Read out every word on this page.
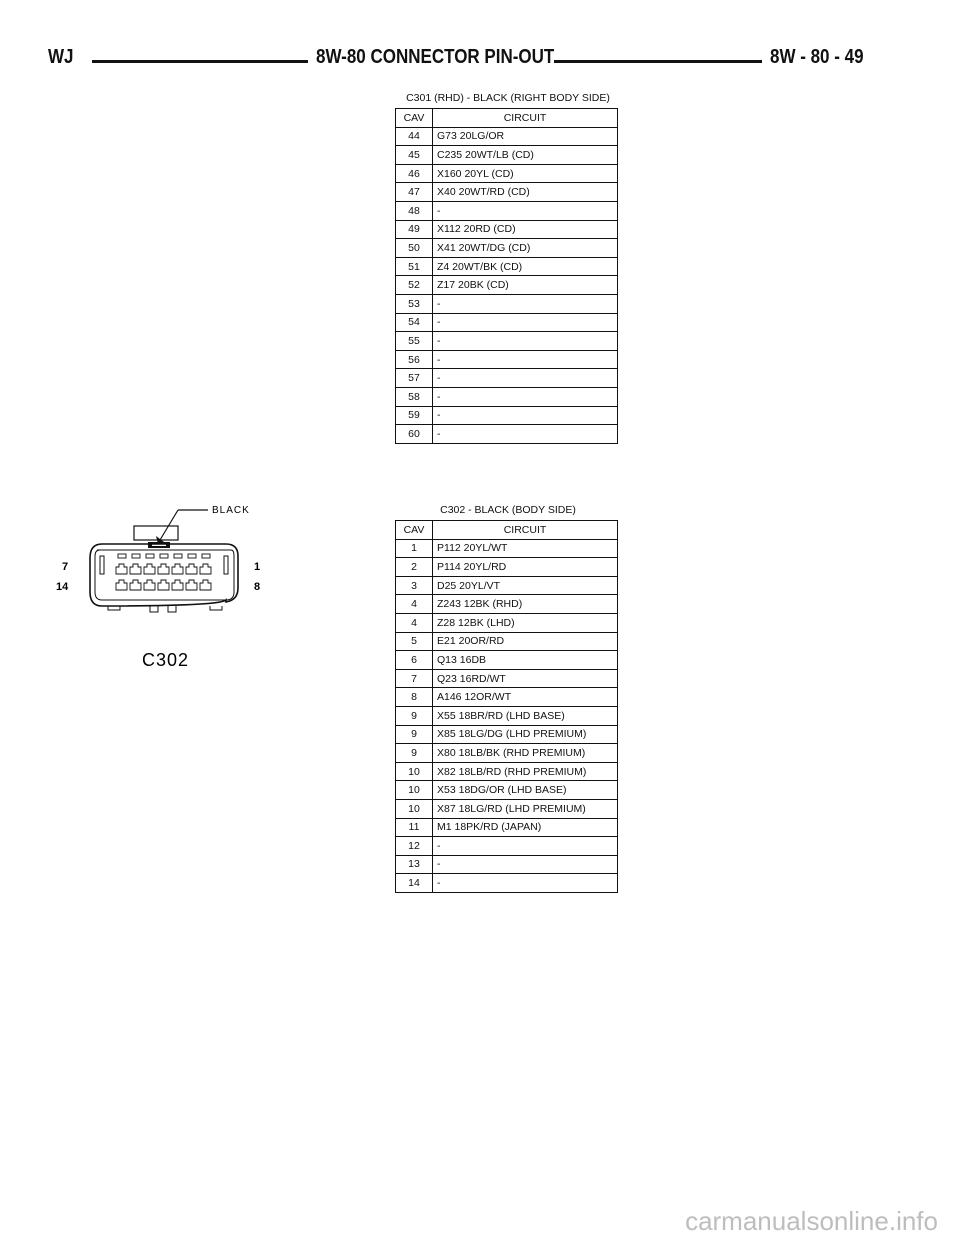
WJ	8W-80 CONNECTOR PIN-OUT	8W - 80 - 49
C301 (RHD) - BLACK (RIGHT BODY SIDE)
CAV	CIRCUIT
44	G73 20LG/OR
45	C235 20WT/LB (CD)
46	X160 20YL (CD)
47	X40 20WT/RD (CD)
48	-
49	X112 20RD (CD)
50	X41 20WT/DG (CD)
51	Z4 20WT/BK (CD)
52	Z17 20BK (CD)
53	-
54	-
55	-
56	-
57	-
58	-
59	-
60	-
C302 - BLACK (BODY SIDE)
CAV	CIRCUIT
1	P112 20YL/WT
2	P114 20YL/RD
3	D25 20YL/VT
4	Z243 12BK (RHD)
4	Z28 12BK (LHD)
5	E21 20OR/RD
6	Q13 16DB
7	Q23 16RD/WT
8	A146 12OR/WT
9	X55 18BR/RD (LHD BASE)
9	X85 18LG/DG (LHD PREMIUM)
9	X80 18LB/BK (RHD PREMIUM)
10	X82 18LB/RD (RHD PREMIUM)
10	X53 18DG/OR (LHD BASE)
10	X87 18LG/RD (LHD PREMIUM)
11	M1 18PK/RD (JAPAN)
12	-
13	-
14	-
BLACK
7
14
1
8
C302
carmanualsonline.info
